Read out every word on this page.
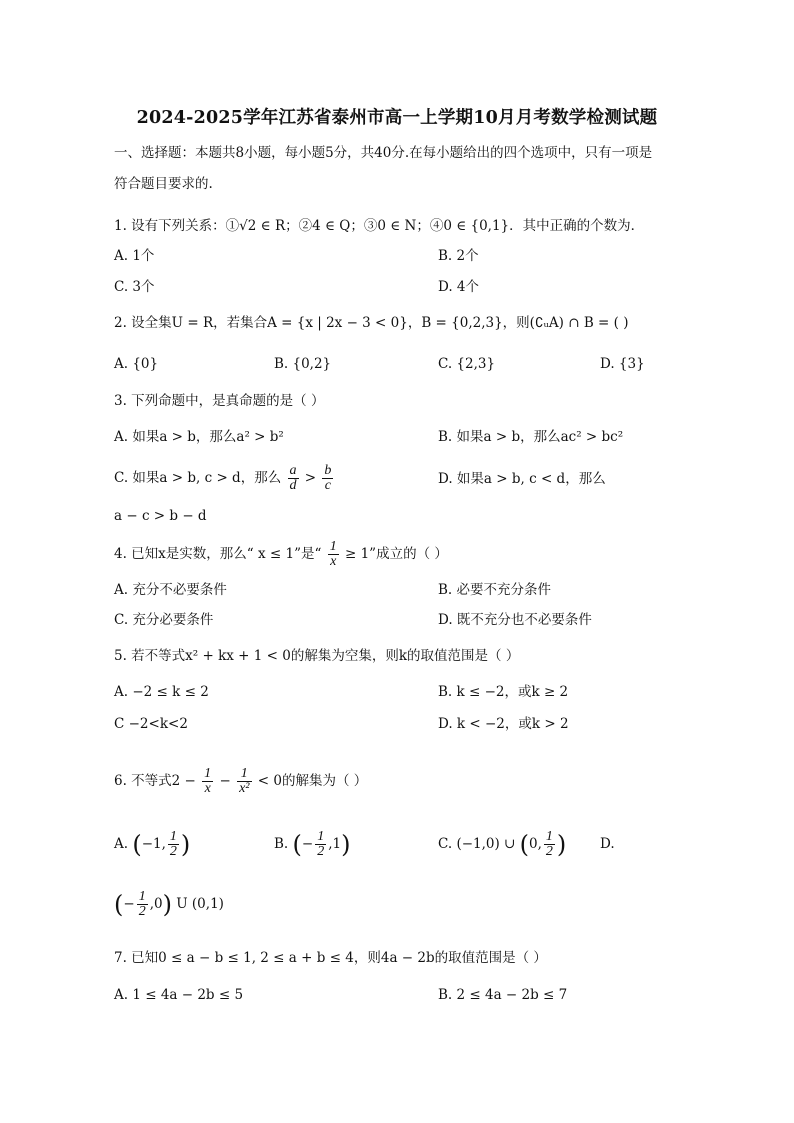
2024-2025学年江苏省泰州市高一上学期10月月考数学检测试题
一、选择题：本题共8小题，每小题5分，共40分.在每小题给出的四个选项中，只有一项是
符合题目要求的.
1. 设有下列关系：①√2 ∈ R；②4 ∈ Q；③0 ∈ N；④0 ∈ {0,1}．其中正确的个数为．
A. 1个	B. 2个
C. 3个	D. 4个
2. 设全集U = R，若集合A = {x | 2x − 3 < 0}，B = {0,2,3}，则(∁ᵤA) ∩ B = ( )
A. {0}	B. {0,2}	C. {2,3}	D. {3}
3. 下列命题中，是真命题的是（ ）
A. 如果a > b，那么a² > b²	B. 如果a > b，那么ac² > bc²
C. 如果a > b, c > d，那么 $\frac{a}{d} > \frac{b}{c}$	D. 如果a > b, c < d，那么
a − c > b − d
4. 已知x是实数，那么“ x ≤ 1”是“ $\frac{1}{x} \ge 1$”成立的（ ）
A. 充分不必要条件	B. 必要不充分条件
C. 充分必要条件	D. 既不充分也不必要条件
5. 若不等式x² + kx + 1 < 0的解集为空集，则k的取值范围是（ ）
A. −2 ≤ k ≤ 2	B. k ≤ −2，或k ≥ 2
C −2<k<2	D. k < −2，或k > 2
6. 不等式$2 - \frac{1}{x} - \frac{1}{\text{x²}} < 0$的解集为（ ）
A. (−1, $\frac{1}{2}$ )	B. (− $\frac{1}{2} ,1$)	C. (−1,0) ∪ (0, $\frac{1}{2}$ ) D.
(− $\frac{1}{2} ,0$) U (0,1)
7. 已知0 ≤ a − b ≤ 1, 2 ≤ a + b ≤ 4，则4a − 2b的取值范围是（ ）
A. 1 ≤ 4a − 2b ≤ 5	B. 2 ≤ 4a − 2b ≤ 7
